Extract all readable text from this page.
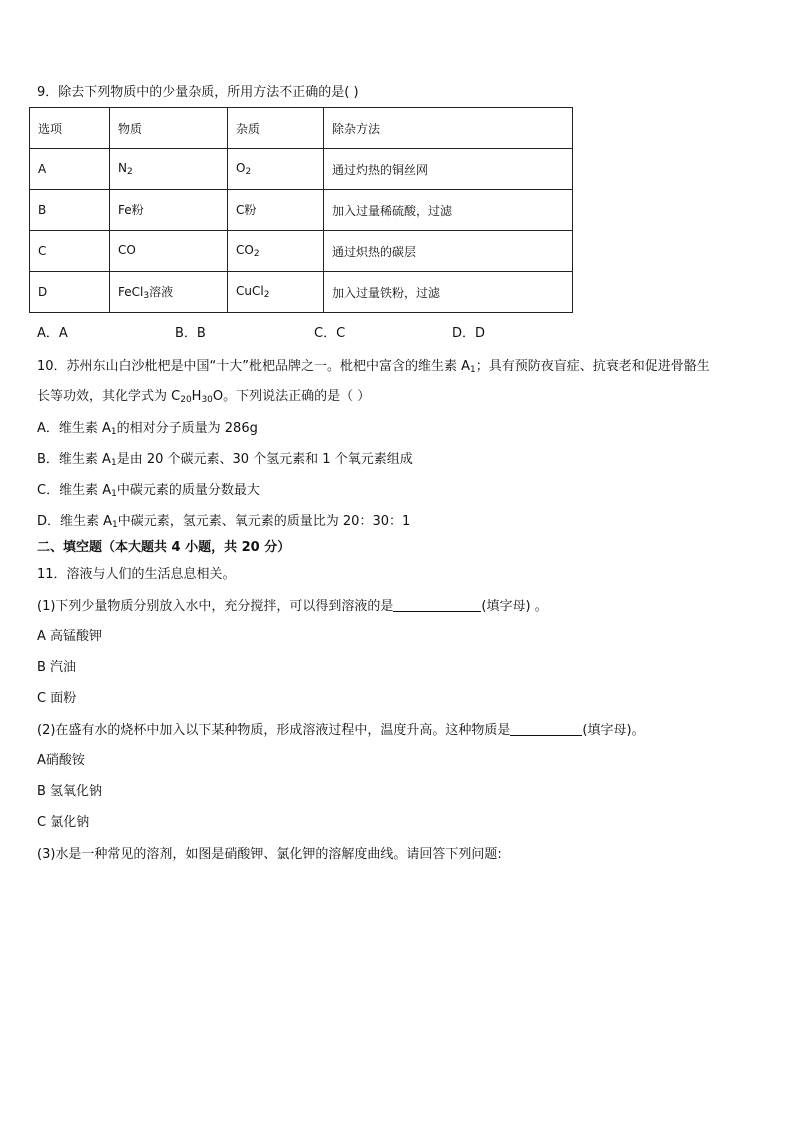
9．除去下列物质中的少量杂质，所用方法不正确的是( )
选项	物质	杂质	除杂方法
A	$N_2$	$O_2$	通过灼热的铜丝网
B	Fe粉	C粉	加入过量稀硫酸，过滤
C	CO	$CO_2$	通过炽热的碳层
D	FeCl$_3$溶液	CuCl$_2$	加入过量铁粉，过滤
A．A	B．B	C．C	D．D
10．苏州东山白沙枇杷是中国“十大”枇杷品牌之一。枇杷中富含的维生素 $A_1$；具有预防夜盲症、抗衰老和促进骨骼生
长等功效，其化学式为 $C_{20}H_{30}O$。下列说法正确的是（ ）
A．维生素 $A_1$的相对分子质量为 286g
B．维生素 $A_1$是由 20 个碳元素、30 个氢元素和 1 个氧元素组成
C．维生素 $A_1$中碳元素的质量分数最大
D．维生素 $A_1$中碳元素，氢元素、氧元素的质量比为 20：30：1
二、填空题（本大题共 4 小题，共 20 分）
11．溶液与人们的生活息息相关。
(1)下列少量物质分别放入水中，充分搅拌，可以得到溶液的是	(填字母) 。
A 高锰酸钾
B 汽油
C 面粉
(2)在盛有水的烧杯中加入以下某种物质，形成溶液过程中，温度升高。这种物质是	(填字母)。
A硝酸铵
B 氢氧化钠
C 氯化钠
(3)水是一种常见的溶剂，如图是硝酸钾、氯化钾的溶解度曲线。请回答下列问题:
